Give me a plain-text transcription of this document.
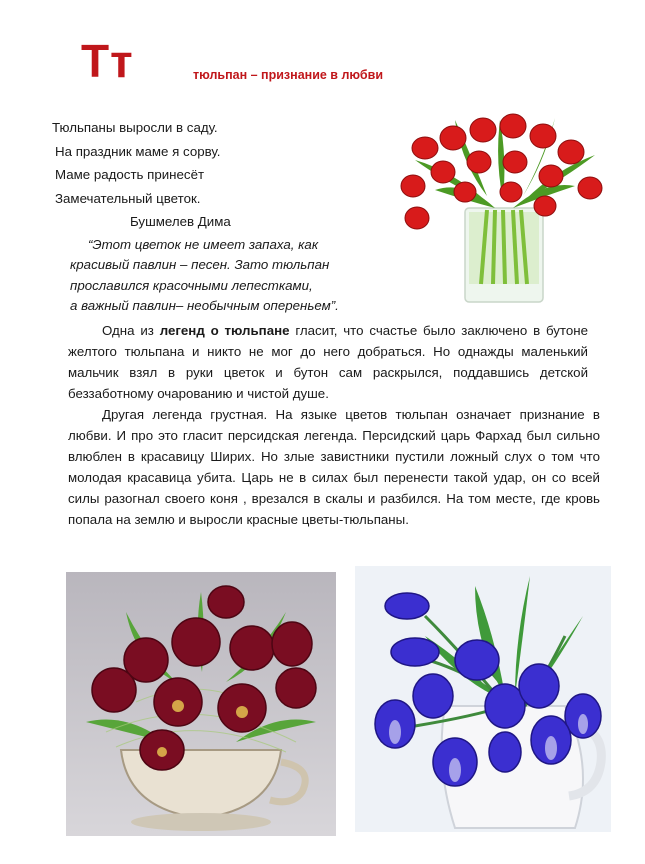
Тт	тюльпан – признание в любви
Тюльпаны выросли в саду.
На праздник маме я сорву.
Маме радость принесёт
Замечательный цветок.
Бушмелев Дима
“Этот цветок не имеет запаха, как
красивый павлин – песен. Зато тюльпан
прославился красочными лепестками,
а важный павлин– необычным опереньем”.
Одна из легенд о тюльпане гласит, что счастье было заключено в бутоне желтого тюльпана и никто не мог до него добраться. Но однажды маленький мальчик взял в руки цветок и бутон сам раскрылся, поддавшись детской беззаботному очарованию и чистой душе.
Другая легенда грустная. На языке цветов тюльпан означает признание в любви. И про это гласит персидская легенда. Персидский царь Фархад был сильно влюблен в красавицу Ширих. Но злые завистники пустили ложный слух о том что молодая красавица убита. Царь не в силах был перенести такой удар, он со всей силы разогнал своего коня , врезался в скалы и разбился. На том месте, где кровь попала на землю и выросли красные цветы-тюльпаны.
